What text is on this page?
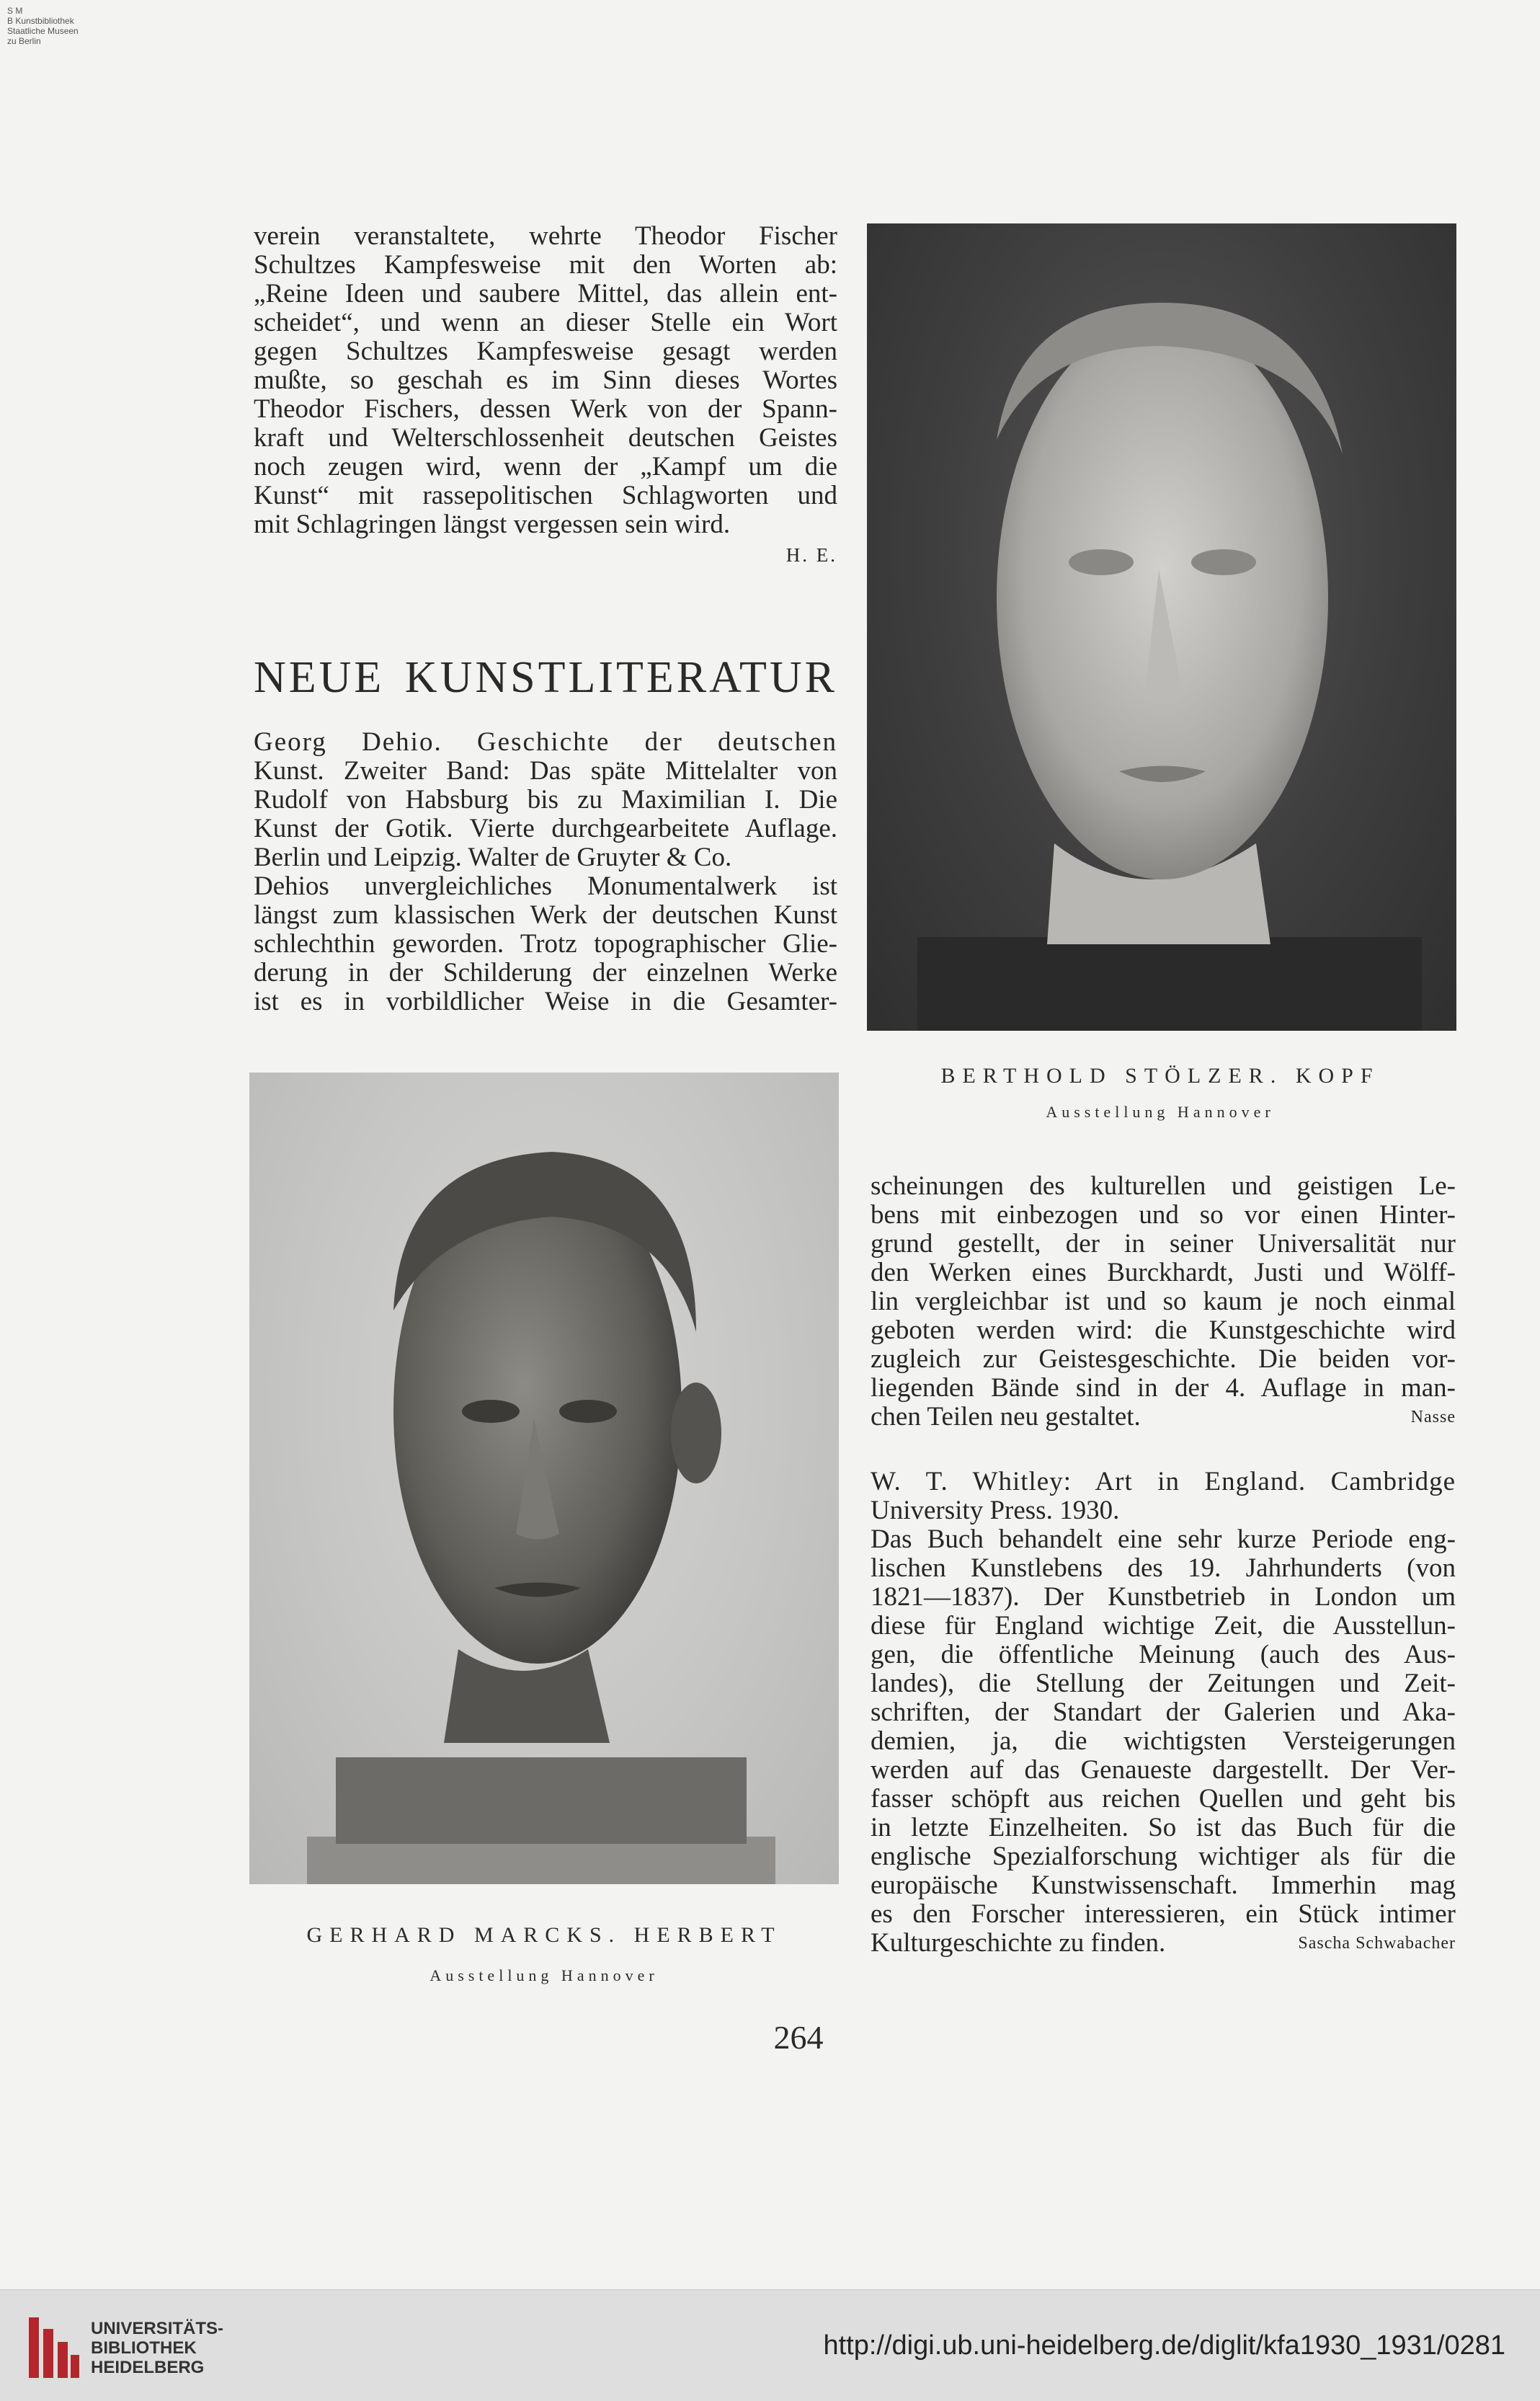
S M
B Kunstbibliothek
Staatliche Museen
zu Berlin

verein veranstaltete, wehrte Theodor Fischer

Schultzes Kampfesweise mit den Worten ab:

„Reine Ideen und saubere Mittel, das allein ent-

scheidet“, und wenn an dieser Stelle ein Wort

gegen Schultzes Kampfesweise gesagt werden

mußte, so geschah es im Sinn dieses Wortes

Theodor Fischers, dessen Werk von der Spann-

kraft und Welterschlossenheit deutschen Geistes

noch zeugen wird, wenn der „Kampf um die

Kunst“ mit rassepolitischen Schlagworten und

mit Schlagringen längst vergessen sein wird.

H. E.
NEUE KUNSTLITERATUR

Georg Dehio. Geschichte der deutschen

Kunst. Zweiter Band: Das späte Mittelalter von

Rudolf von Habsburg bis zu Maximilian I. Die

Kunst der Gotik. Vierte durchgearbeitete Auflage.

Berlin und Leipzig. Walter de Gruyter & Co.

Dehios unvergleichliches Monumentalwerk ist

längst zum klassischen Werk der deutschen Kunst

schlechthin geworden. Trotz topographischer Glie-

derung in der Schilderung der einzelnen Werke

ist es in vorbildlicher Weise in die Gesamter-

BERTHOLD STÖLZER. KOPF
Ausstellung Hannover
GERHARD MARCKS. HERBERT
Ausstellung Hannover

scheinungen des kulturellen und geistigen Le-

bens mit einbezogen und so vor einen Hinter-

grund gestellt, der in seiner Universalität nur

den Werken eines Burckhardt, Justi und Wölff-

lin vergleichbar ist und so kaum je noch einmal

geboten werden wird: die Kunstgeschichte wird

zugleich zur Geistesgeschichte. Die beiden vor-

liegenden Bände sind in der 4. Auflage in man-

chen Teilen neu gestaltet.	Nasse

W. T. Whitley: Art in England. Cambridge

University Press. 1930.

Das Buch behandelt eine sehr kurze Periode eng-

lischen Kunstlebens des 19. Jahrhunderts (von

1821—1837). Der Kunstbetrieb in London um

diese für England wichtige Zeit, die Ausstellun-

gen, die öffentliche Meinung (auch des Aus-

landes), die Stellung der Zeitungen und Zeit-

schriften, der Standart der Galerien und Aka-

demien, ja, die wichtigsten Versteigerungen

werden auf das Genaueste dargestellt. Der Ver-

fasser schöpft aus reichen Quellen und geht bis

in letzte Einzelheiten. So ist das Buch für die

englische Spezialforschung wichtiger als für die

europäische Kunstwissenschaft. Immerhin mag

es den Forscher interessieren, ein Stück intimer

Kulturgeschichte zu finden.	Sascha Schwabacher

264
UNIVERSITÄTS-
BIBLIOTHEK
HEIDELBERG
http://digi.ub.uni-heidelberg.de/diglit/kfa1930_1931/0281
